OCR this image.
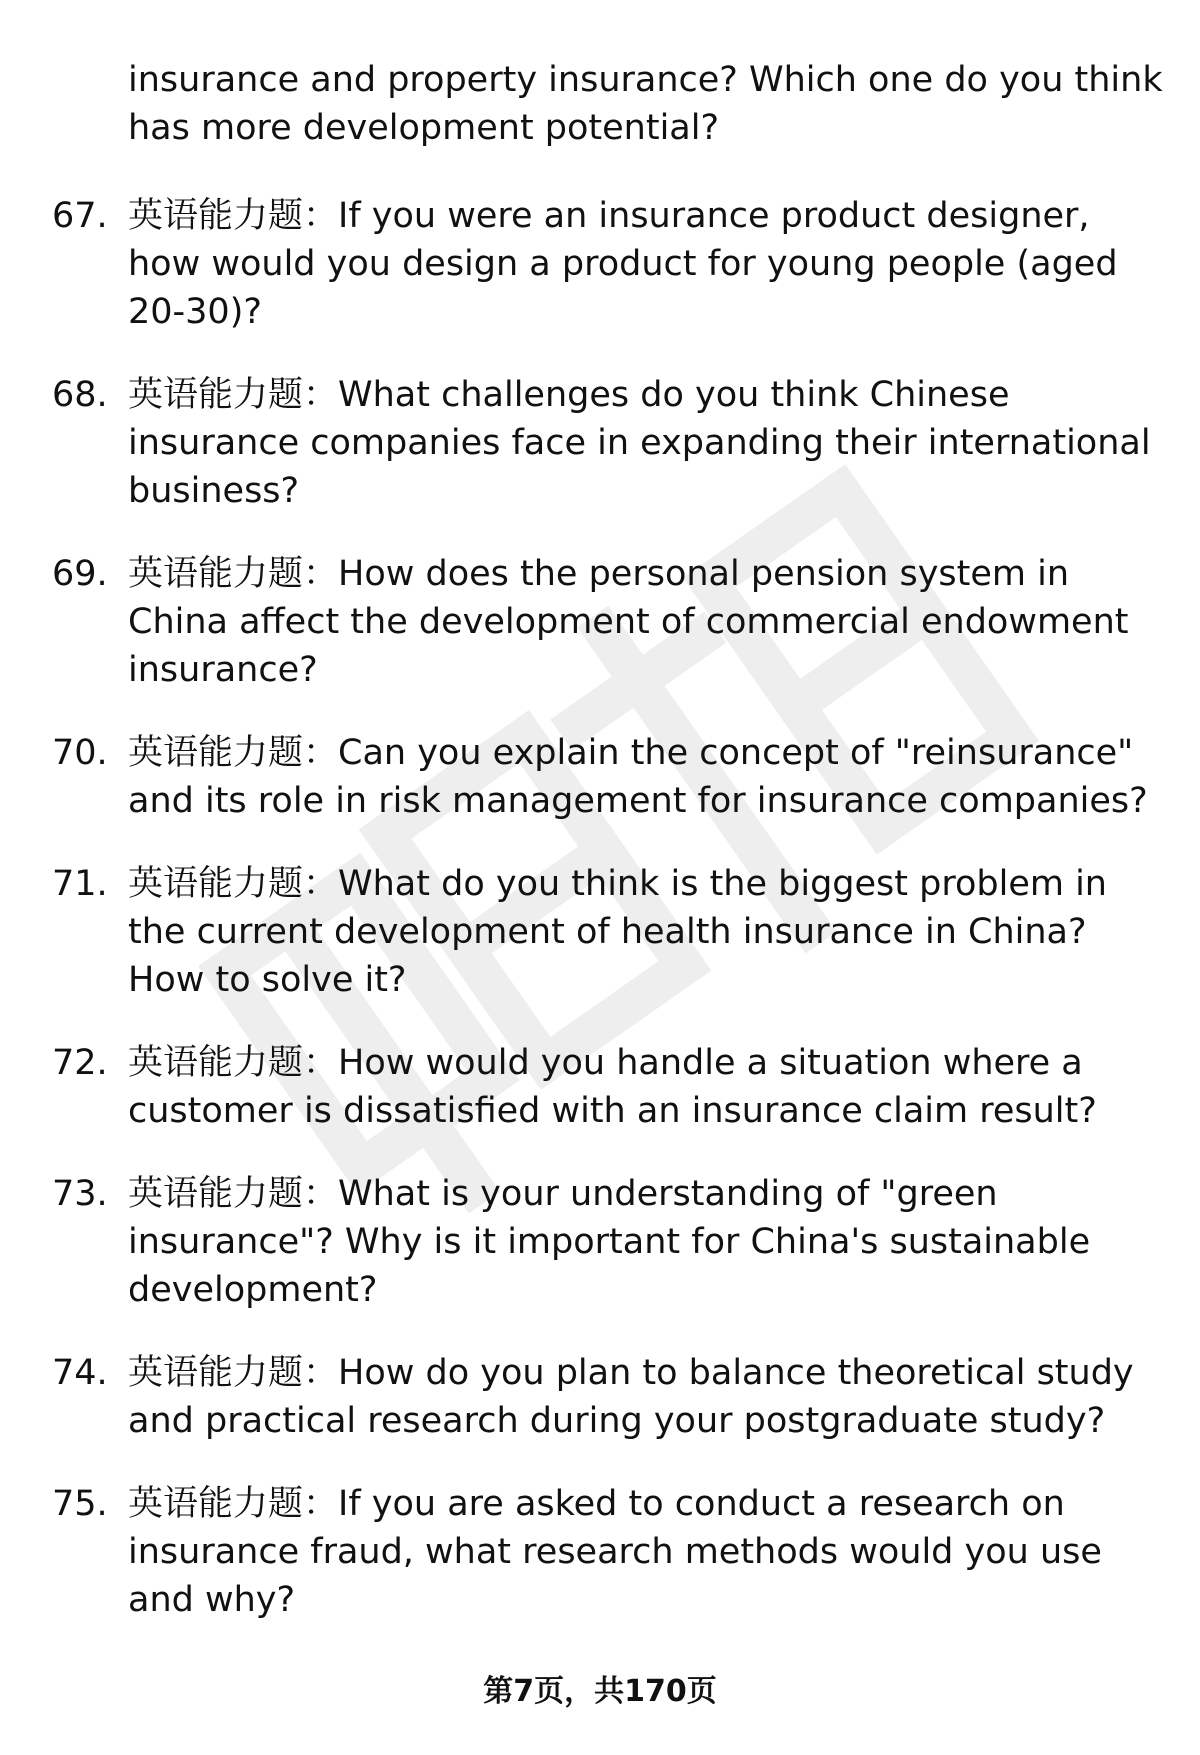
insurance and property insurance? Which one do you think has more development potential?
67. 英语能力题：If you were an insurance product designer, how would you design a product for young people (aged 20-30)?
68. 英语能力题：What challenges do you think Chinese insurance companies face in expanding their international business?
69. 英语能力题：How does the personal pension system in China affect the development of commercial endowment insurance?
70. 英语能力题：Can you explain the concept of "reinsurance" and its role in risk management for insurance companies?
71. 英语能力题：What do you think is the biggest problem in the current development of health insurance in China? How to solve it?
72. 英语能力题：How would you handle a situation where a customer is dissatisfied with an insurance claim result?
73. 英语能力题：What is your understanding of "green insurance"? Why is it important for China's sustainable development?
74. 英语能力题：How do you plan to balance theoretical study and practical research during your postgraduate study?
75. 英语能力题：If you are asked to conduct a research on insurance fraud, what research methods would you use and why?
第7页，共170页
